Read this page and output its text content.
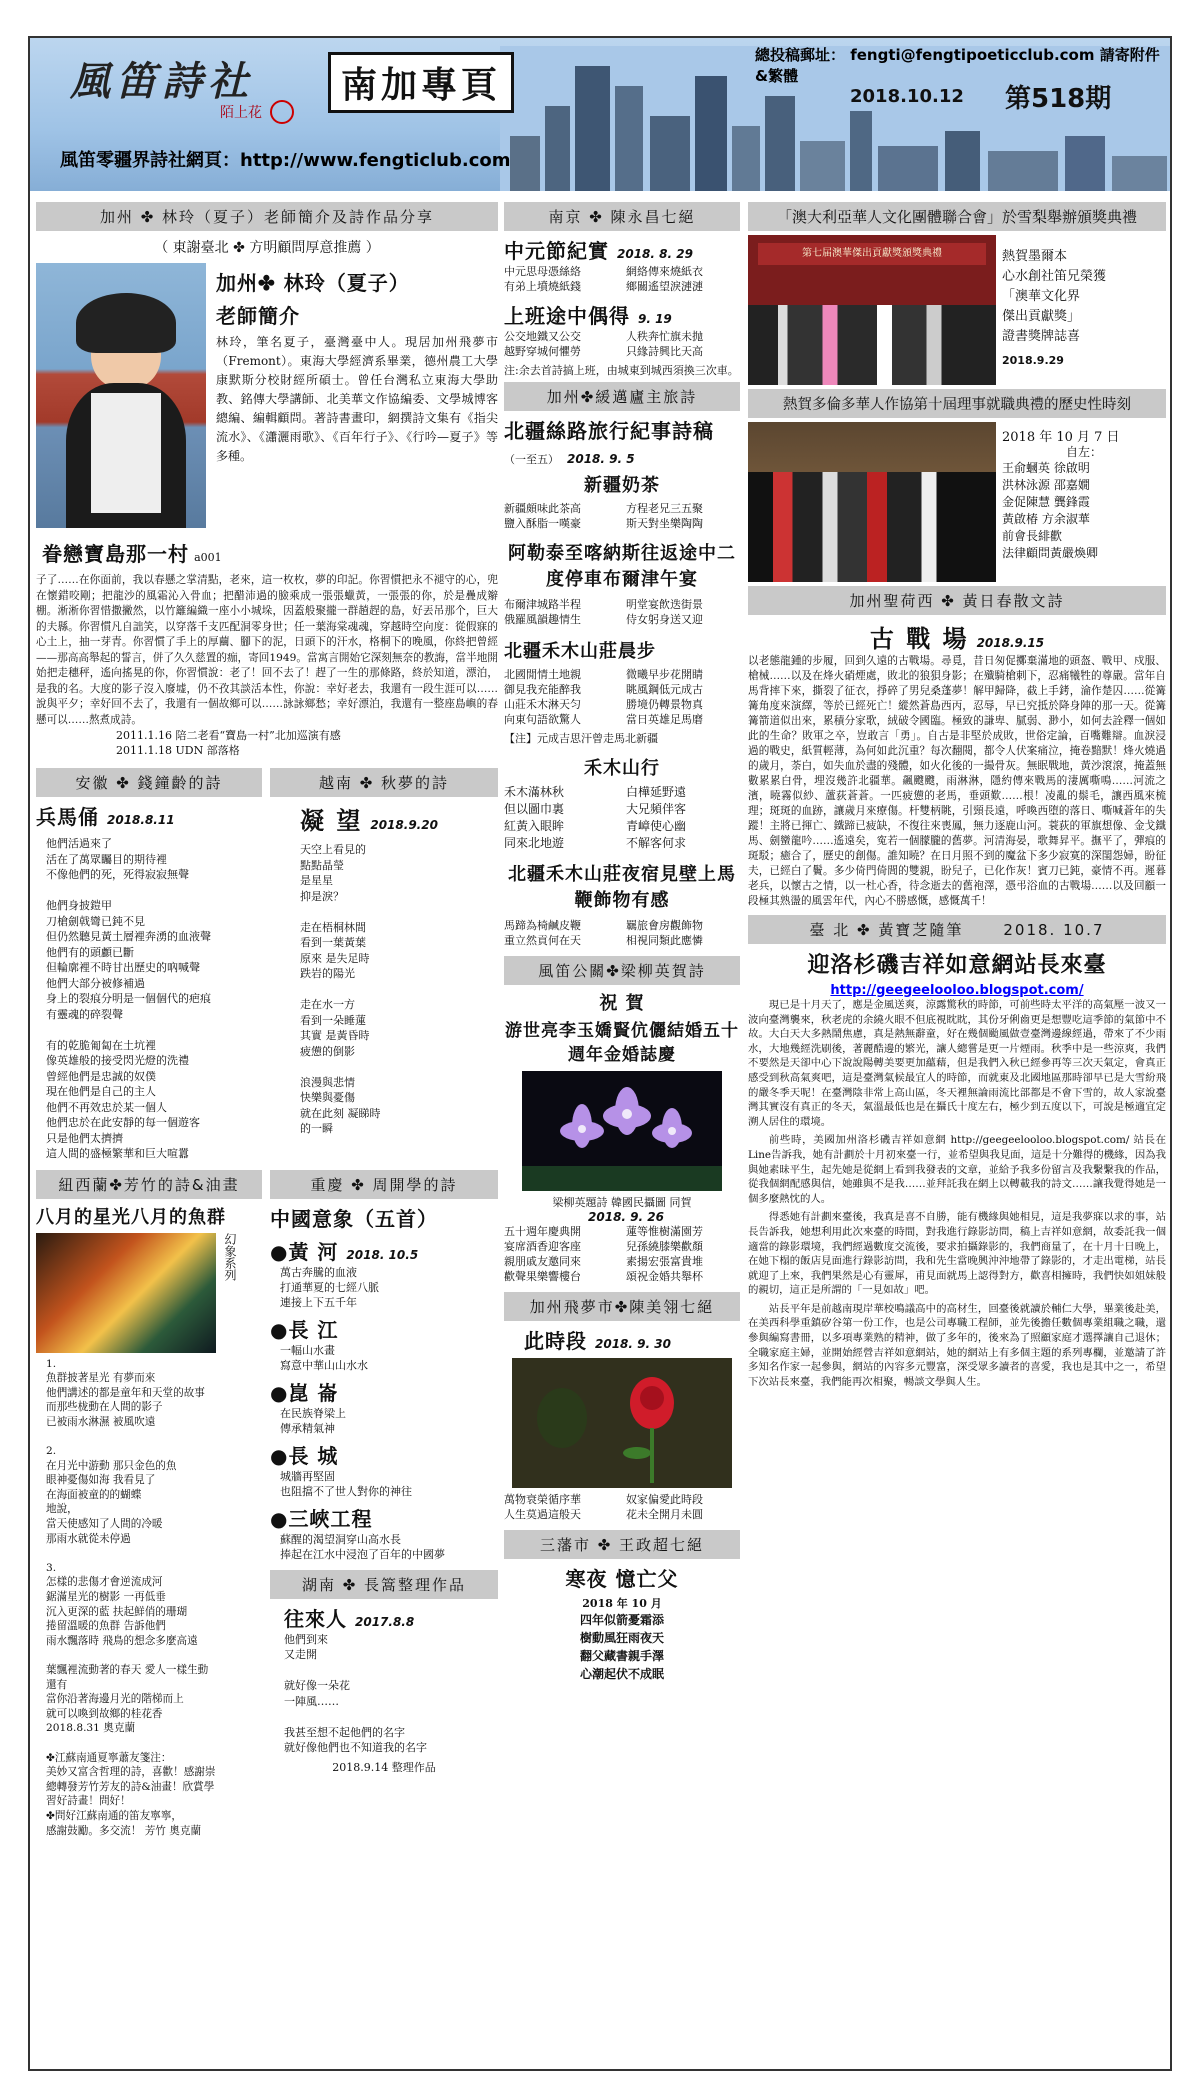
風笛詩社
陌上花
南加專頁
風笛零疆界詩社網頁：http://www.fengticlub.com
總投稿郵址： fengti@fengtipoeticclub.com 請寄附件&繁體
2018.10.12 第518期
加州 ✤ 林玲（夏子）老師簡介及詩作品分享
（ 東謝臺北 ✤ 方明顧問厚意推薦 ）
加州✤ 林玲（夏子）
老師簡介

林玲，筆名夏子，臺灣臺中人。現居加州飛夢市（Fremont）。東海大學經濟系畢業，德州農工大學康默斯分校財經所碩士。曾任台灣私立東海大學助教、銘傳大學講師、北美華文作協編委、文學城博客總編、編輯顧問。著詩書畫印，網撰詩文集有《指尖流水》、《瀟灑雨歌》、《百年行子》、《行吟—夏子》等多種。

眷戀寶島那一村 a001

子了……在你面前，我以春懸之掌清點，老來，這一枚枚，夢的印記。你習慣把永不褪守的心，兜在懷錯咬剛；把龍沙的風霜沁入骨血；把醋沛過的臉乘成一張張蠟黃，一張張的你，於是疊成辮棚。淅淅你習惜撒撇然，以竹籬編織一座小小城垛，因蓋般聚攏一群趟趕的島，好丟吊那个，巨大的夫縣。你習慣凡自詘笑，以穿落千支匹配洞零身世；任一葉海棠魂魂，穿越時空向度：從假寐的心土上，抽一芽青。你習慣了手上的厚繭、腳下的泥，日頭下的汗水，格桐下的晚風，你終把曾經——那高高舉起的誓言，併了久久慈置的痂，寄回1949。當寓言開始它深刻無奈的教誨，當半地開始把走穗秤，遙向搖晃的你，你習慣說：老了！回不去了！趕了一生的那條路，終於知道，漂泊，是我的名。大度的影子沒入廢墟，仍不孜其談活本性，你說：幸好老去，我還有一段生涯可以……說與平夕；幸好回不去了，我還有一個故鄉可以……詠詠鄉愁；幸好漂泊，我還有一整座島嶼的春懸可以……熬煮成詩。

2011.1.16 陪二老看“寶島一村”北加巡演有感
2011.1.18 UDN 部落格
安徽 ✤ 錢鐘齡的詩
兵馬俑 2018.8.11
他們活過來了
活在了萬眾矚目的期待裡
不像他們的死，死得寂寂無聲

他們身披鎧甲
刀槍劍戟彎已鈍不見
但仍然聽見黃土層裡奔湧的血液聲
他們有的頭顱已斷
但輪廓裡不時甘出歷史的吶喊聲
他們大部分被修補過
身上的裂痕分明是一個個代的疤痕
有靈魂的碎裂聲

有的乾脆匍匐在土坑裡
像英雄般的接受閃光燈的洗禮
曾經他們是忠誠的奴僕
現在他們是自己的主人
他們不再效忠於某一個人
他們忠於在此安靜的每一個遊客
只是他們太擠擠
這人間的盛極繁華和巨大喧囂
越南 ✤ 秋夢的詩
凝 望 2018.9.20
天空上看見的
點點晶瑩
是星星
抑是淚？

走在梧桐林間
看到一葉黃葉
原來 是失足時
跌岩的陽光

走在水一方
看到一朵睡蓮
其實 是黃昏時
疲憊的倒影

浪漫與悲情
快樂與憂傷
就在此刻 凝睇時
的一瞬
紐西蘭✤芳竹的詩&油畫
八月的星光八月的魚群
幻象系列
1.
魚群披著星光 有夢而來
他們講述的都是童年和天堂的故事
而那些栊動在人間的影子
已被雨水淋濕 被風吹遠

2.
在月光中游動 那只金色的魚
眼神憂傷如海 我看見了
在海面被童的的蝴蝶
地說，
當天使感知了人間的冷暖
那雨水就從未停過

3.
怎樣的悲傷才會逆流成河
鋸滿星光的樹影 一再低垂
沉入更深的藍 扶起鮮俏的珊瑚
捲留溫暖的魚群 告訴他們
雨水飄落時 飛鳥的想念多麼高遠

葉飄裡流動著的春天 愛人一樣生動
還有
當你沿著海邊月光的階梯而上
就可以喚到故鄉的桂花香
2018.8.31 奧克蘭

✤江蘇南通夏寧蕭友箋注：
美妙又富含哲理的詩，喜歡！感謝崇
總轉發芳竹芳友的詩&油畫！欣賞學
習好詩畫！問好！
✤問好江蘇南通的笛友寧寧，
感謝鼓勵。多交流！ 芳竹 奧克蘭
重慶 ✤ 周開學的詩
中國意象（五首）
●黃 河 2018. 10.5
萬古奔騰的血液
打通華夏的七經八脈
連接上下五千年
●長 江
一幅山水畫
寫意中華山山水水
●崑 崙
在民族脊梁上
傳承精氣神
●長 城
城牆再堅固
也阻擋不了世人對你的神往
●三峽工程
蘇醒的渴望洞穿山高水長
捧起在江水中浸泡了百年的中國夢
湖南 ✤ 長篙整理作品
往來人 2017.8.8
他們到來
又走開

就好像一朵花
一陣風……

我甚至想不起他們的名字
就好像他們也不知道我的名字
2018.9.14 整理作品
南京 ✤ 陳永昌七絕
中元節紀實 2018. 8. 29
中元思母憑絲絡	網絡傳來燒紙衣
有弟上墳燒紙錢	鄉關遙望淚漣漣
上班途中偶得 9. 19
公交地鐵又公交	人秩奔忙旗未抛
越野穿城何懼勞	只緣詩興比天高
注:余去首詩搞上班，由城東到城西須換三次車。
加州✤緩邁廬主旅詩
北疆絲路旅行紀事詩稿
（一至五） 2018. 9. 5
新疆奶茶
新疆頗味此茶高	方程老兄三五聚
鹽入酥脂一嘆豪	斯天對坐樂陶陶
阿勒泰至喀納斯往返途中二度停車布爾津午宴
布爾津城路半程	明堂宴飲迭街景
俄羅風韻趣情生	侍女躬身送又迎
北疆禾木山莊晨步
北國閒情土地親	微曦早步花開睛
御見我充能醉我	眺風鋼低元成古
山莊禾木淋天匀	勝境仍轉景物真
向東句語欲驚人	當日英雄足馬磨
【注】元成吉思汗曾走馬北新疆
禾木山行
禾木滿林秋	白樺延野遠
但以圖巾裏	大兄頻伴客
紅黃入眼眸	青嶂使心幽
同來北地遊	不解客何求
北疆禾木山莊夜宿見壁上馬鞭飾物有感
馬蹄為椅鹹皮鞭	羈旅會房觀飾物
重立然貢何在天	相視同類此應憐
風笛公關✤梁柳英賀詩
祝 賀
游世亮李玉嬌賢伉儷結婚五十週年金婚誌慶
梁柳英題詩 韓國民攝圖 同賀
2018. 9. 26
五十週年慶典開	蓮等惟樹滿園芳
宴席酒香迎客座	兒孫繞膝樂歡顏
親朋戚友邀同來	素揚宏張富貴堆
歡聲果樂響樓台	頌祝金婚共舉杯
加州飛夢市✤陳美翎七絕
此時段 2018. 9. 30
萬物衰榮循序華	奴家偏愛此時段
人生莫過這般天	花未全開月未圓
三藩市 ✤ 王政超七絕
寒夜 憶亡父
2018 年 10 月
四年似箭憂霜添
樹動風狂雨夜天
翻父藏書親手澤
心潮起伏不成眠
「澳大利亞華人文化團體聯合會」於雪梨舉辦頒獎典禮
第七届澳華傑出貢獻獎頒獎典禮	熱賀墨爾本
心水創社笛兄榮獲
「澳華文化界
傑出貢獻獎」
證書獎牌誌喜
2018.9.29
熱賀多倫多華人作協第十屆理事就職典禮的歷史性時刻
2018 年 10 月 7 日
自左：
王俞蟈英 徐啟明
洪林泳源 邵嘉嫺
金促陳慧 龔鋒霞
黃啟椿 方余淑華
前會長緋歡
法律顧問黃嚴煥卿
加州聖荷西 ✤ 黃日春散文詩
古 戰 場 2018.9.15

以老態龍鍾的步履，回到久遠的古戰場。尋覓，昔日匆促擲棄滿地的頭盔、戰甲、戍服、槍械……以及在烽火硝煙處，敗北的狼狽身影；在殲騎槍刺下，忍痛犧牲的尊嚴。當年自馬背摔下來，撕裂了征衣，掙碎了男兒桑蓬夢！解甲歸降，截上手銬，淪作楚囚……從篝篝角度來演繹，等於已經死亡！縱然蒼島西丙，忍辱，早已究抵於降身陣的那一天。從篝篝箭道似出來，累積分家歌，絨破令國臨。極致的謙卑、膩弱、渺小，如何去詮釋一個如此的生命？敗軍之卒，豈敢言「勇」。自古是非堅於成敗，世俗定論，百嘴難辯。血淚浸過的戰史，紙質輕薄，為何如此沉重？每次翻閱，都令人伏案痛泣，掩卷黯默！烽火燒過的歲月，荼白，如失血於盡的殘體，如火化後的一撮骨灰。無眠戰地，黃沙滾滾，掩蓋無數累累白骨，埋沒幾許北疆華。飆颼颼，雨淋淋，隱約傳來戰馬的淒厲嘶鳴……河流之濱，曉霧似紗、蘆荻蒼蒼。一匹疲憊的老馬，垂頭歎……根！凌亂的鬃毛，讓西風來梳理；斑斑的血跡，讓歲月來療傷。杆雙柄眺，引頸長遠，呼喚西堕的落日、嘶喊蒼年的失蹤！主將已揮亡、鐵蹄已疲缺，不復往來喪鳳，無力逐鹿山河。蓑荻的軍旗想像、金戈鐵馬、劍蠻龍吟……遙遠矣，寃若一個朦朧的舊夢。河清海晏，歌舞昇平。撫平了，彈痕的斑駁；癒合了，歷史的創傷。誰知曉？在日月照不到的魔盆下多少寂寞的深閨怨婦，盼征夫，已經白了鬢。多少倚門倚閭的雙親，盼兒子，已化作灰！賓刀已鈍，豪情不再。遲暮老兵，以懷古之情，以一杜心香，待念逝去的舊袍澤，憑弔浴血的古戰場……以及回顧一段極其熟盪的風雲年代，內心不勝感慨，感慨萬千！

臺 北 ✤ 黃寶芝隨筆	2018. 10.7
迎洛杉磯吉祥如意網站長來臺
http://geegeelooloo.blogspot.com/

現已是十月天了，應是金風送爽，涼露驚秋的時節，可前些時太平洋的高氣壓一波又一波向臺灣襲來，秋老虎的余繞火眼不但底視眈眈，其份牙俐齒更是想豐吃這季節的氣節中不故。大白天大多熱鬧焦慮，真是熱無辭童，好在幾個颱風做壹臺灣邊線經過，帶來了不少雨水，大地幾經洗刷後，著麗酷邊的繁光，讓人總嘗是更一片煙雨。秋季中是一些涼爽，我們不要然是天卻中心下說說陽轉美要更加蘊藉，但是我們入秋已經參再等三次天氣定，會真正感受到秋高氣爽吧，這是臺灣氣候最宜人的時節，而就東及北國地區那時卻早已是大雪紛飛的嚴冬季天呢！在臺灣陰非常上高山區，冬天裡無論雨流比部都是不會下雪的，故人家說臺灣其實沒有真正的冬天，氣溫最低也是在攝氏十度左右，極少到五度以下，可說是極適宜定溯人居住的環境。

前些時，美國加州洛杉磯吉祥如意網 http://geegeelooloo.blogspot.com/ 站長在Line告訴我，她有計劃於十月初來臺一行，並希望與我見面，這是十分難得的機緣，因為我與她素昧平生，起先她是從網上看到我發表的文章，並給予我多份留言及我繫繫我的作品，從我個網配感與信，她雖與不是我……並拜託我在網上以轉載我的詩文……讓我覺得她是一個多麼熱忱的人。

得悉她有計劃來臺後，我真是喜不自勝，能有機緣與她相見，這是我夢寐以求的事，站長告訴我，她想利用此次來臺的時間，對我進行錄影訪問，稿上吉祥如意網，故委託我一個適當的錄影環境，我們經過數度交流後，要求拍攝錄影的，我們商量了，在十月十日晚上，在她下榻的飯店見面進行錄影訪問，我和先生當晚興沖沖地帶了錄影的，才走出電梯，站長就迎了上來，我們果然是心有靈犀，甫見面就馬上認得對方，歡喜相擁時，我們快如姐妹般的親切，這正是所謂的「一見如故」吧。

站長平年是前越南現岸華校鳴議高中的高材生，回臺後就讀於輔仁大學，畢業後赴美，在美西科學重鎮矽谷第一份工作，也是公司專職工程師，並先後擔任數個專業組職之職，還參與編寫書冊，以多項專業熟的精神，做了多年的，後來為了照顧家庭才選擇讓自己退休；全職家庭主婦，並開始經營吉祥如意網站，她的網站上有多個主題的系列專欄，並邀請了許多知名作家一起參與，網站的內容多元豐富，深受眾多讀者的喜愛，我也是其中之一，希望下次站長來臺，我們能再次相聚，暢談文學與人生。
